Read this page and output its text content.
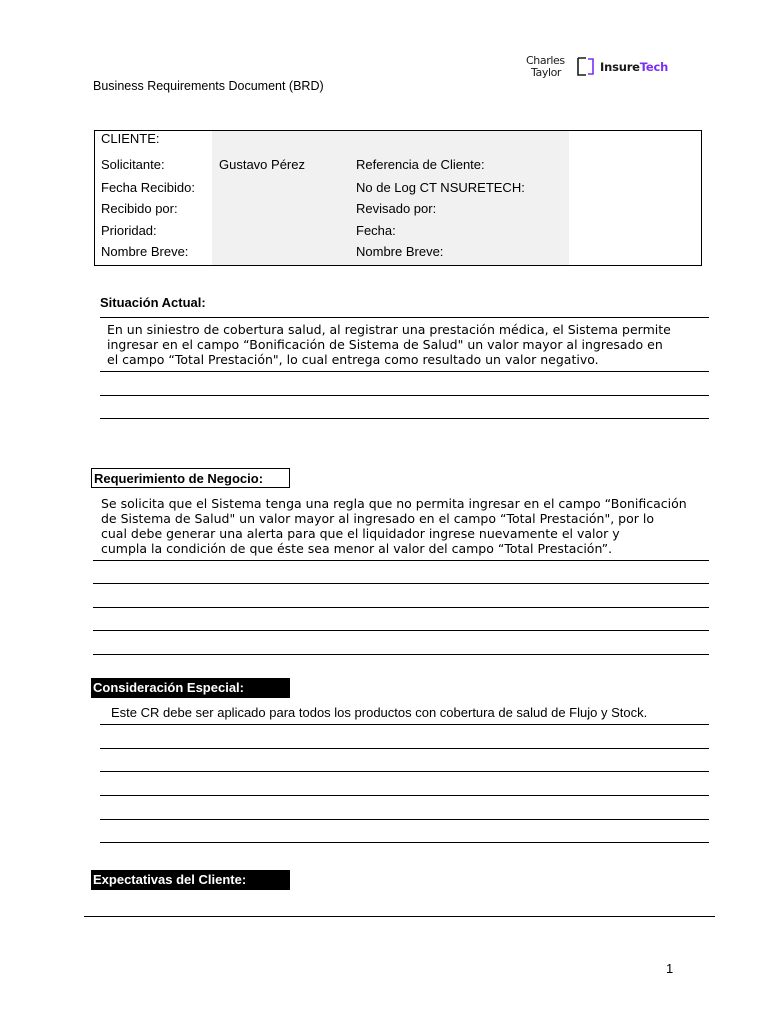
Charles
Taylor	InsureTech
Business Requirements Document (BRD)
CLIENTE:
Solicitante:	Gustavo Pérez
Fecha Recibido:
Recibido por:
Prioridad:
Nombre Breve:
Referencia de Cliente:
No de Log CT NSURETECH:
Revisado por:
Fecha:
Nombre Breve:
Situación Actual:
En un siniestro de cobertura salud, al registrar una prestación médica, el Sistema permite
ingresar en el campo “Bonificación de Sistema de Salud" un valor mayor al ingresado en
el campo “Total Prestación", lo cual entrega como resultado un valor negativo.
Requerimiento de Negocio:
Se solicita que el Sistema tenga una regla que no permita ingresar en el campo “Bonificación
de Sistema de Salud" un valor mayor al ingresado en el campo “Total Prestación", por lo
cual debe generar una alerta para que el liquidador ingrese nuevamente el valor y
cumpla la condición de que éste sea menor al valor del campo “Total Prestación”.
Consideración Especial:
Este CR debe ser aplicado para todos los productos con cobertura de salud de Flujo y Stock.
Expectativas del Cliente:
1
